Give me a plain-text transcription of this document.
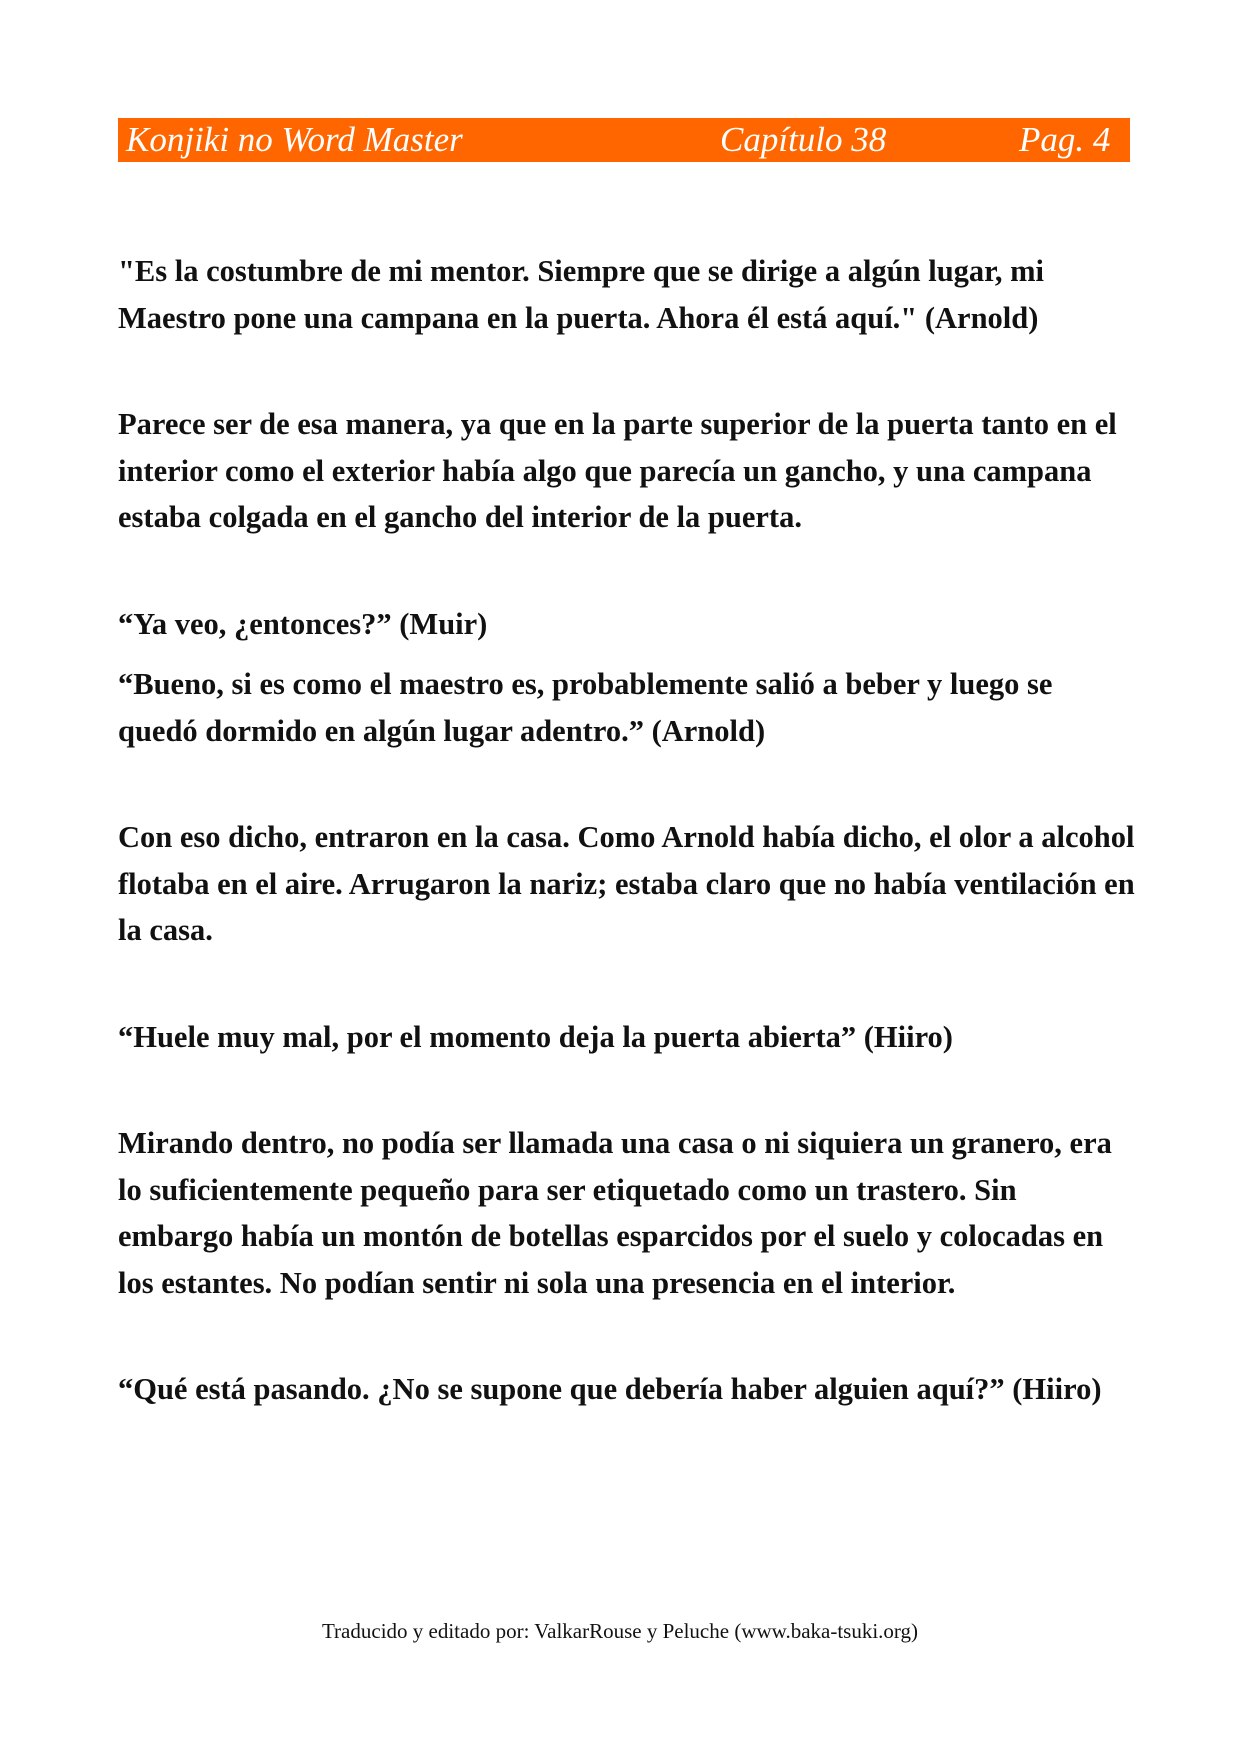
Konjiki no Word Master	Capítulo 38	Pag. 4

"Es la costumbre de mi mentor. Siempre que se dirige a algún lugar, mi Maestro pone una campana en la puerta. Ahora él está aquí." (Arnold)

Parece ser de esa manera, ya que en la parte superior de la puerta tanto en el interior como el exterior había algo que parecía un gancho, y una campana estaba colgada en el gancho del interior de la puerta.

“Ya veo, ¿entonces?” (Muir)

“Bueno, si es como el maestro es, probablemente salió a beber y luego se quedó dormido en algún lugar adentro.” (Arnold)

Con eso dicho, entraron en la casa. Como Arnold había dicho, el olor a alcohol flotaba en el aire. Arrugaron la nariz; estaba claro que no había ventilación en la casa.

“Huele muy mal, por el momento deja la puerta abierta” (Hiiro)

Mirando dentro, no podía ser llamada una casa o ni siquiera un granero, era lo suficientemente pequeño para ser etiquetado como un trastero. Sin embargo había un montón de botellas esparcidos por el suelo y colocadas en los estantes. No podían sentir ni sola una presencia en el interior.

“Qué está pasando. ¿No se supone que debería haber alguien aquí?” (Hiiro)

Traducido y editado por: ValkarRouse y Peluche (www.baka-tsuki.org)
